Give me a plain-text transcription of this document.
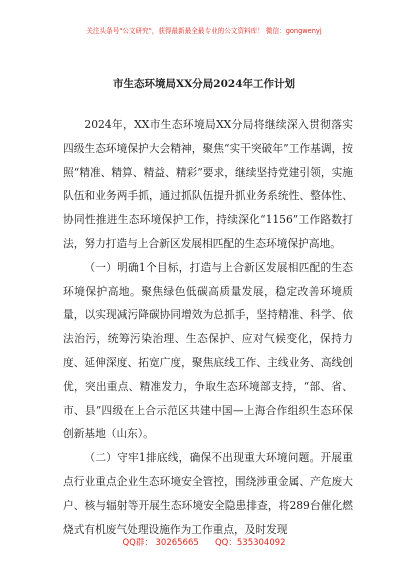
关注头条号"公文研究"，获得最新最全最专业的公文资料库！ 微信：gongwenyj
市生态环境局XX分局2024年工作计划

2024年，XX市生态环境局XX分局将继续深入贯彻落实四级生态环境保护大会精神，聚焦“实干突破年”工作基调，按照“精准、精算、精益、精彩”要求，继续坚持党建引领，实施队伍和业务两手抓，通过抓队伍提升抓业务系统性、整体性、协同性推进生态环境保护工作，持续深化“1156”工作路数打法，努力打造与上合新区发展相匹配的生态环境保护高地。

（一）明确1个目标，打造与上合新区发展相匹配的生态环境保护高地。聚焦绿色低碳高质量发展，稳定改善环境质量，以实现减污降碳协同增效为总抓手，坚持精准、科学、依法治污，统筹污染治理、生态保护、应对气候变化，保持力度、延伸深度、拓宽广度，聚焦底线工作、主线业务、高线创优，突出重点、精准发力，争取生态环境部支持，“部、省、市、县”四级在上合示范区共建中国—上海合作组织生态环保创新基地（山东）。

（二）守牢1排底线，确保不出现重大环境问题。开展重点行业重点企业生态环境安全管控，围绕涉重金属、产危废大户、核与辐射等开展生态环境安全隐患排查，将289台催化燃烧式有机废气处理设施作为工作重点，及时发现

QQ群： 30265665      QQ：535304092
